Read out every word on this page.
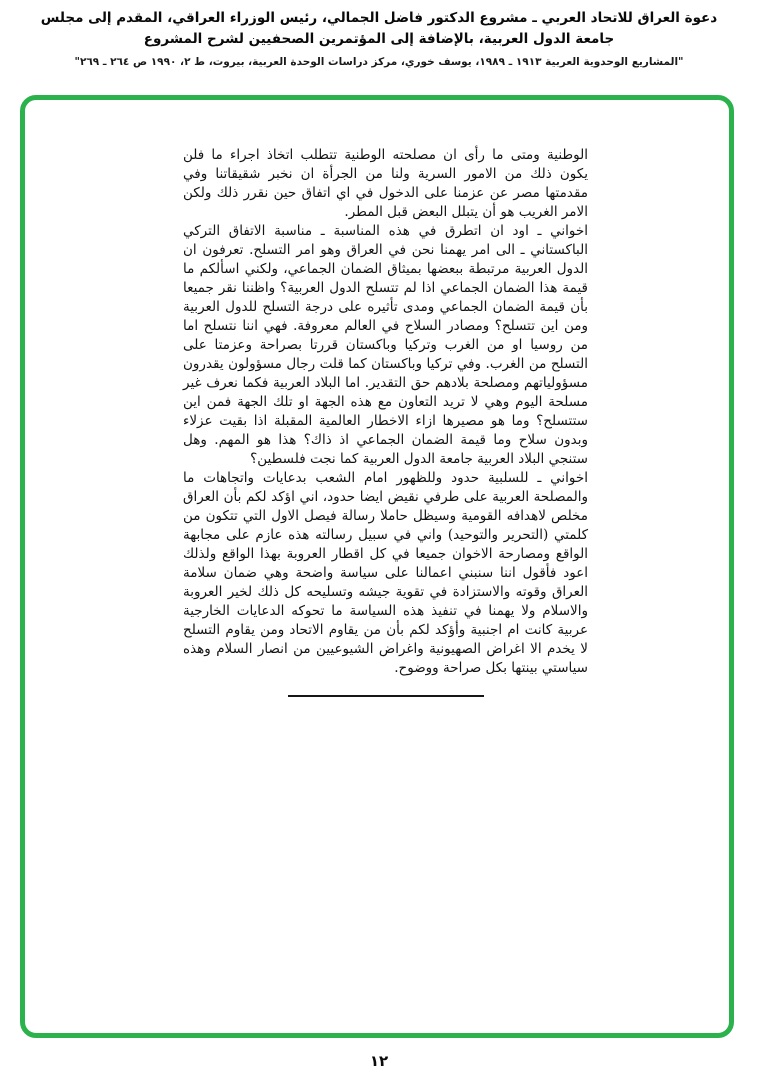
دعوة العراق للاتحاد العربي ـ مشروع الدكتور فاضل الجمالي، رئيس الوزراء العراقي، المقدم إلى مجلس جامعة الدول العربية، بالإضافة إلى المؤتمرين الصحفيين لشرح المشروع
"المشاريع الوحدوية العربية ١٩١٣ ـ ١٩٨٩، يوسف خوري، مركز دراسات الوحدة العربية، بيروت، ط ٢، ١٩٩٠ ص ٢٦٤ ـ ٢٦٩"

الوطنية ومتى ما رأى ان مصلحته الوطنية تتطلب اتخاذ اجراء ما فلن يكون ذلك من الامور السرية ولنا من الجرأة ان نخبر شقيقاتنا وفي مقدمتها مصر عن عزمنا على الدخول في اي اتفاق حين نقرر ذلك ولكن الامر الغريب هو أن يتبلل البعض قبل المطر.

اخواني ـ اود ان اتطرق في هذه المناسبة ـ مناسبة الاتفاق التركي الباكستاني ـ الى امر يهمنا نحن في العراق وهو امر التسلح. تعرفون ان الدول العربية مرتبطة ببعضها بميثاق الضمان الجماعي، ولكني اسألكم ما قيمة هذا الضمان الجماعي اذا لم تتسلح الدول العربية؟ واظننا نقر جميعا بأن قيمة الضمان الجماعي ومدى تأثيره على درجة التسلح للدول العربية ومن اين تتسلح؟ ومصادر السلاح في العالم معروفة. فهي اننا نتسلح اما من روسيا او من الغرب وتركيا وباكستان قررتا بصراحة وعزمتا على التسلح من الغرب. وفي تركيا وباكستان كما قلت رجال مسؤولون يقدرون مسؤولياتهم ومصلحة بلادهم حق التقدير. اما البلاد العربية فكما نعرف غير مسلحة اليوم وهي لا تريد التعاون مع هذه الجهة او تلك الجهة فمن اين ستتسلح؟ وما هو مصيرها ازاء الاخطار العالمية المقبلة اذا بقيت عزلاء وبدون سلاح وما قيمة الضمان الجماعي اذ ذاك؟ هذا هو المهم. وهل ستنجي البلاد العربية جامعة الدول العربية كما نجت فلسطين؟

اخواني ـ للسلبية حدود وللظهور امام الشعب بدعايات واتجاهات ما والمصلحة العربية على طرفي نقيض ايضا حدود، اني اؤكد لكم بأن العراق مخلص لاهدافه القومية وسيظل حاملا رسالة فيصل الاول التي تتكون من كلمتي (التحرير والتوحيد) واني في سبيل رسالته هذه عازم على مجابهة الواقع ومصارحة الاخوان جميعا في كل اقطار العروبة بهذا الواقع ولذلك اعود فأقول اننا سنبني اعمالنا على سياسة واضحة وهي ضمان سلامة العراق وقوته والاستزادة في تقوية جيشه وتسليحه كل ذلك لخير العروبة والاسلام ولا يهمنا في تنفيذ هذه السياسة ما تحوكه الدعايات الخارجية عربية كانت ام اجنبية وأؤكد لكم بأن من يقاوم الاتحاد ومن يقاوم التسلح لا يخدم الا اغراض الصهيونية واغراض الشيوعيين من انصار السلام وهذه سياستي بينتها بكل صراحة ووضوح.

١٢
